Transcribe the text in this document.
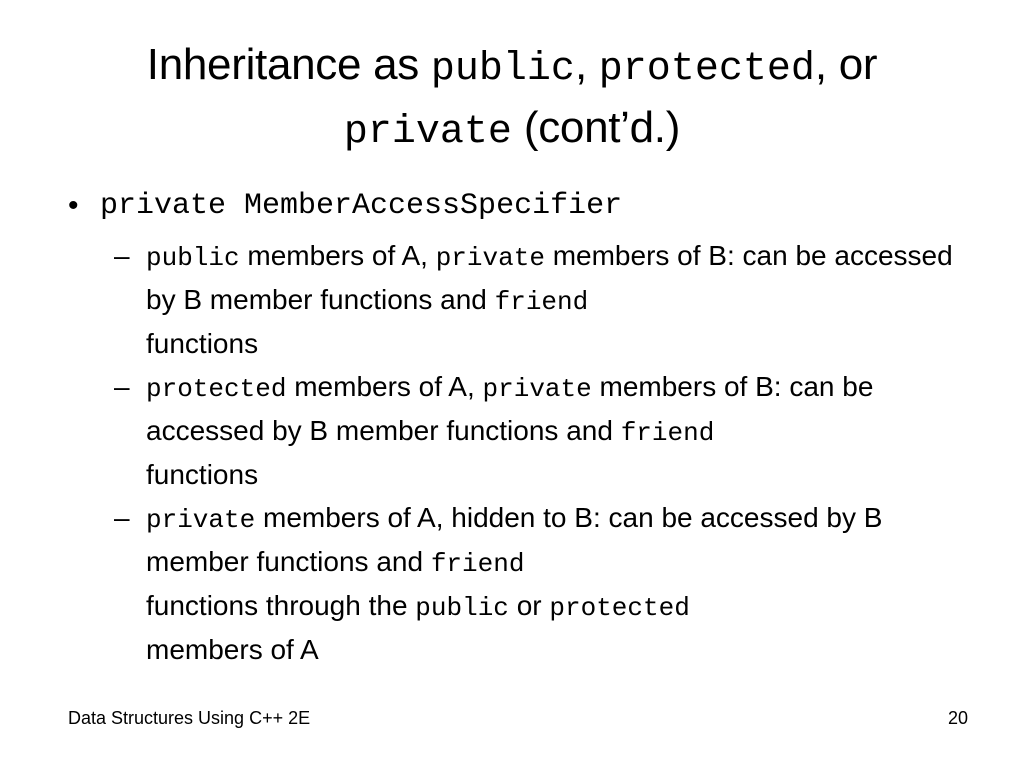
Inheritance as public, protected, or
private (cont’d.)
• private MemberAccessSpecifier
– public members of A, private members of B: can be accessed by B member functions and friend
functions
– protected members of A, private members of B: can be accessed by B member functions and friend
functions
– private members of A, hidden to B: can be accessed by B member functions and friend
functions through the public or protected
members of A
Data Structures Using C++ 2E	20
